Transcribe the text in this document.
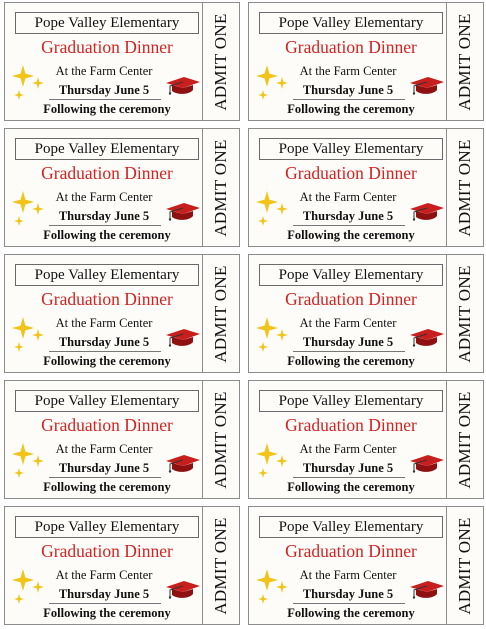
Pope Valley Elementary
Graduation Dinner
At the Farm Center
Thursday June 5
Following the ceremony	ADMIT ONE	Pope Valley Elementary
Graduation Dinner
At the Farm Center
Thursday June 5
Following the ceremony	ADMIT ONE
Pope Valley Elementary
Graduation Dinner
At the Farm Center
Thursday June 5
Following the ceremony	ADMIT ONE	Pope Valley Elementary
Graduation Dinner
At the Farm Center
Thursday June 5
Following the ceremony	ADMIT ONE
Pope Valley Elementary
Graduation Dinner
At the Farm Center
Thursday June 5
Following the ceremony	ADMIT ONE	Pope Valley Elementary
Graduation Dinner
At the Farm Center
Thursday June 5
Following the ceremony	ADMIT ONE
Pope Valley Elementary
Graduation Dinner
At the Farm Center
Thursday June 5
Following the ceremony	ADMIT ONE	Pope Valley Elementary
Graduation Dinner
At the Farm Center
Thursday June 5
Following the ceremony	ADMIT ONE
Pope Valley Elementary
Graduation Dinner
At the Farm Center
Thursday June 5
Following the ceremony	ADMIT ONE	Pope Valley Elementary
Graduation Dinner
At the Farm Center
Thursday June 5
Following the ceremony	ADMIT ONE
